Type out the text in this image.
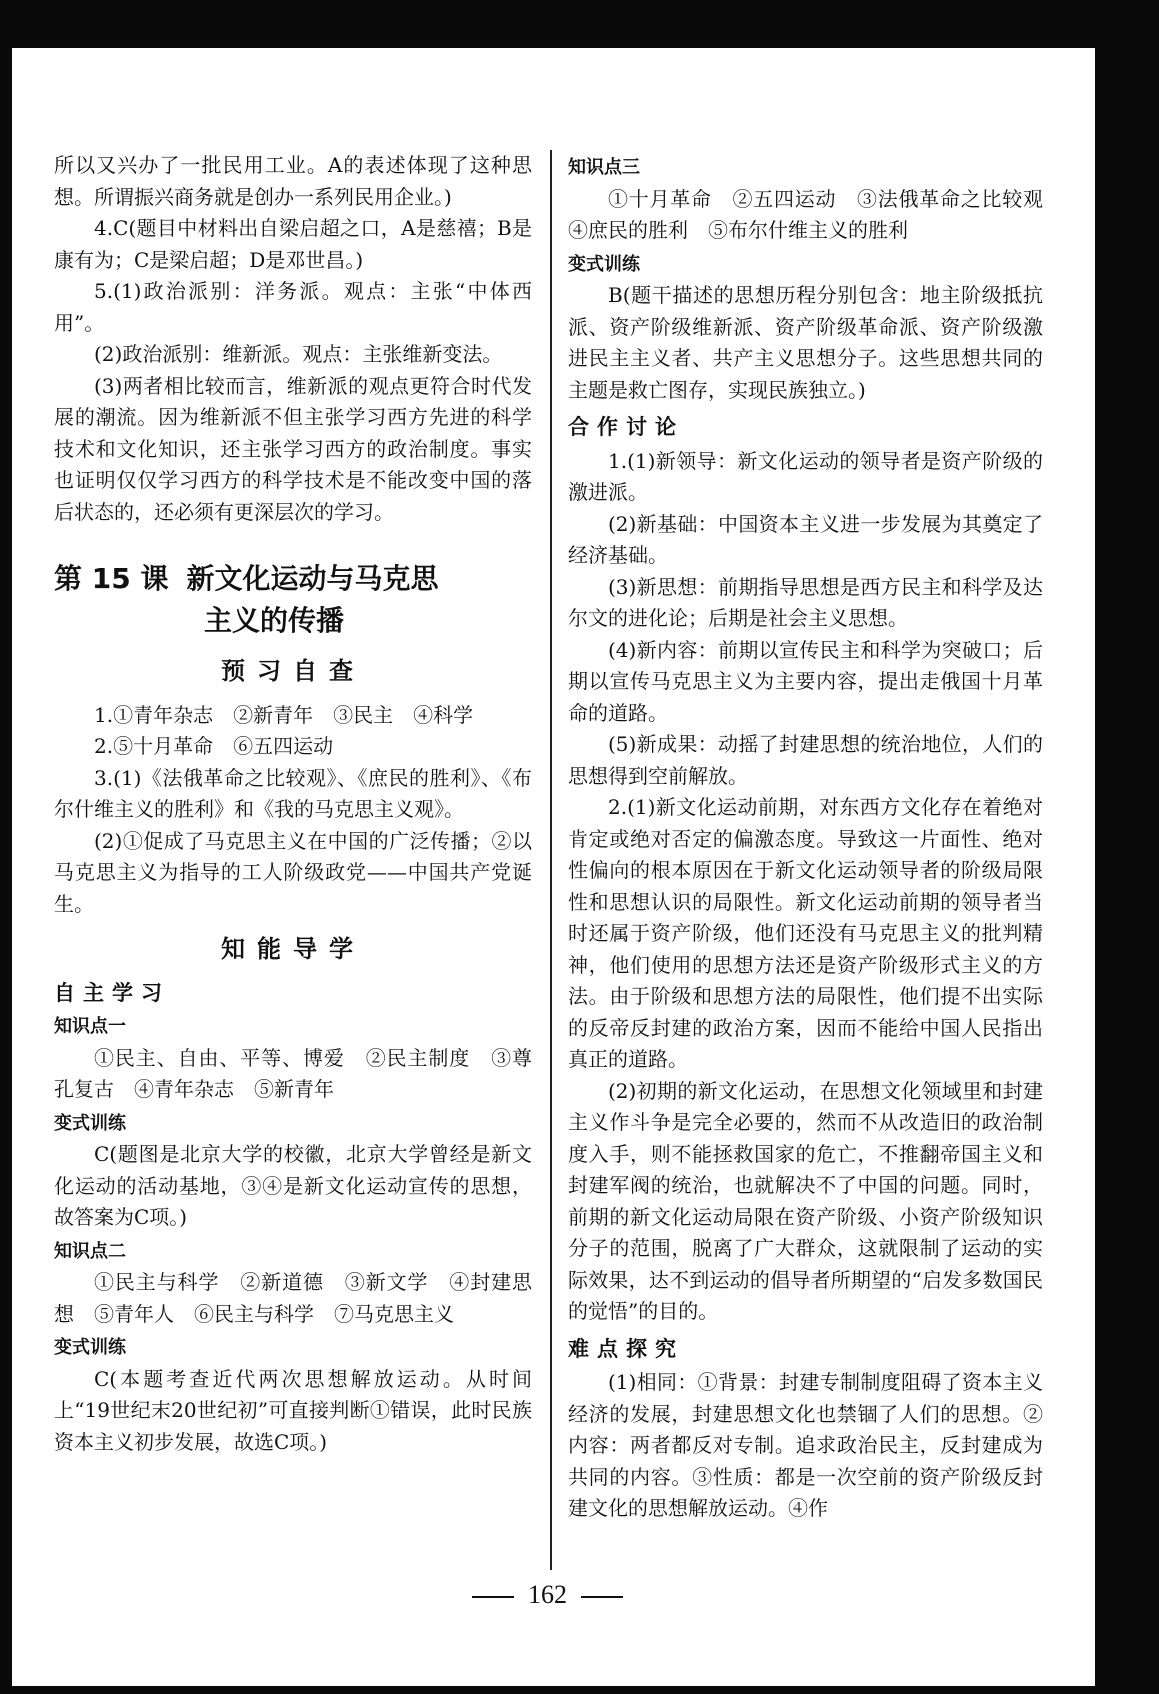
所以又兴办了一批民用工业。A的表述体现了这种思想。所谓振兴商务就是创办一系列民用企业。)

4.C(题目中材料出自梁启超之口，A是慈禧；B是康有为；C是梁启超；D是邓世昌。)

5.(1)政治派别：洋务派。观点：主张“中体西用”。

(2)政治派别：维新派。观点：主张维新变法。

(3)两者相比较而言，维新派的观点更符合时代发展的潮流。因为维新派不但主张学习西方先进的科学技术和文化知识，还主张学习西方的政治制度。事实也证明仅仅学习西方的科学技术是不能改变中国的落后状态的，还必须有更深层次的学习。

第 15 课 新文化运动与马克思
主义的传播
预习自查

1.①青年杂志　②新青年　③民主　④科学

2.⑤十月革命　⑥五四运动

3.(1)《法俄革命之比较观》、《庶民的胜利》、《布尔什维主义的胜利》和《我的马克思主义观》。

(2)①促成了马克思主义在中国的广泛传播；②以马克思主义为指导的工人阶级政党——中国共产党诞生。

知能导学
自主学习
知识点一

①民主、自由、平等、博爱　②民主制度　③尊孔复古　④青年杂志　⑤新青年

变式训练

C(题图是北京大学的校徽，北京大学曾经是新文化运动的活动基地，③④是新文化运动宣传的思想，故答案为C项。)

知识点二

①民主与科学　②新道德　③新文学　④封建思想　⑤青年人　⑥民主与科学　⑦马克思主义

变式训练

C(本题考查近代两次思想解放运动。从时间上“19世纪末20世纪初”可直接判断①错误，此时民族资本主义初步发展，故选C项。)

知识点三

①十月革命　②五四运动　③法俄革命之比较观　④庶民的胜利　⑤布尔什维主义的胜利

变式训练

B(题干描述的思想历程分别包含：地主阶级抵抗派、资产阶级维新派、资产阶级革命派、资产阶级激进民主主义者、共产主义思想分子。这些思想共同的主题是救亡图存，实现民族独立。)

合作讨论

1.(1)新领导：新文化运动的领导者是资产阶级的激进派。

(2)新基础：中国资本主义进一步发展为其奠定了经济基础。

(3)新思想：前期指导思想是西方民主和科学及达尔文的进化论；后期是社会主义思想。

(4)新内容：前期以宣传民主和科学为突破口；后期以宣传马克思主义为主要内容，提出走俄国十月革命的道路。

(5)新成果：动摇了封建思想的统治地位，人们的思想得到空前解放。

2.(1)新文化运动前期，对东西方文化存在着绝对肯定或绝对否定的偏激态度。导致这一片面性、绝对性偏向的根本原因在于新文化运动领导者的阶级局限性和思想认识的局限性。新文化运动前期的领导者当时还属于资产阶级，他们还没有马克思主义的批判精神，他们使用的思想方法还是资产阶级形式主义的方法。由于阶级和思想方法的局限性，他们提不出实际的反帝反封建的政治方案，因而不能给中国人民指出真正的道路。

(2)初期的新文化运动，在思想文化领域里和封建主义作斗争是完全必要的，然而不从改造旧的政治制度入手，则不能拯救国家的危亡，不推翻帝国主义和封建军阀的统治，也就解决不了中国的问题。同时，前期的新文化运动局限在资产阶级、小资产阶级知识分子的范围，脱离了广大群众，这就限制了运动的实际效果，达不到运动的倡导者所期望的“启发多数国民的觉悟”的目的。

难点探究

(1)相同：①背景：封建专制制度阻碍了资本主义经济的发展，封建思想文化也禁锢了人们的思想。②内容：两者都反对专制。追求政治民主，反封建成为共同的内容。③性质：都是一次空前的资产阶级反封建文化的思想解放运动。④作

162
